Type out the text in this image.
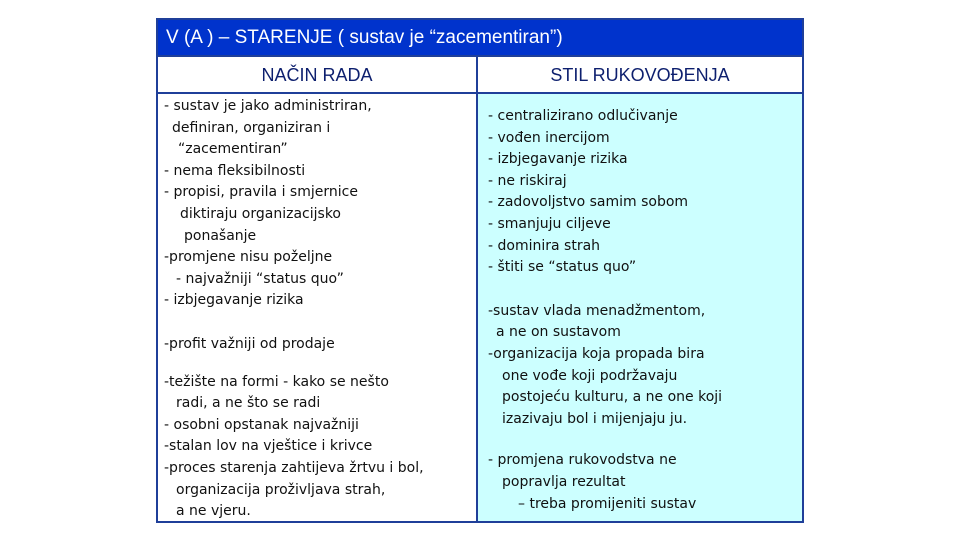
V (A ) – STARENJE ( sustav je “zacementiran”)
NAČIN RADA	STIL RUKOVOĐENJA
- sustav je jako administriran,
definiran, organiziran i
“zacementiran”
- nema fleksibilnosti
- propisi, pravila i smjernice
diktiraju organizacijsko
ponašanje
-promjene nisu poželjne
- najvažniji “status quo”
- izbjegavanje rizika
-profit važniji od prodaje
-težište na formi - kako se nešto
radi, a ne što se radi
- osobni opstanak najvažniji
-stalan lov na vještice i krivce
-proces starenja zahtijeva žrtvu i bol,
organizacija proživljava strah,
a ne vjeru.
- centralizirano odlučivanje
- vođen inercijom
- izbjegavanje rizika
- ne riskiraj
- zadovoljstvo samim sobom
- smanjuju ciljeve
- dominira strah
- štiti se “status quo”
-sustav vlada menadžmentom,
a ne on sustavom
-organizacija koja propada bira
one vođe koji podržavaju
postojeću kulturu, a ne one koji
izazivaju bol i mijenjaju ju.
- promjena rukovodstva ne
popravlja rezultat
– treba promijeniti sustav
